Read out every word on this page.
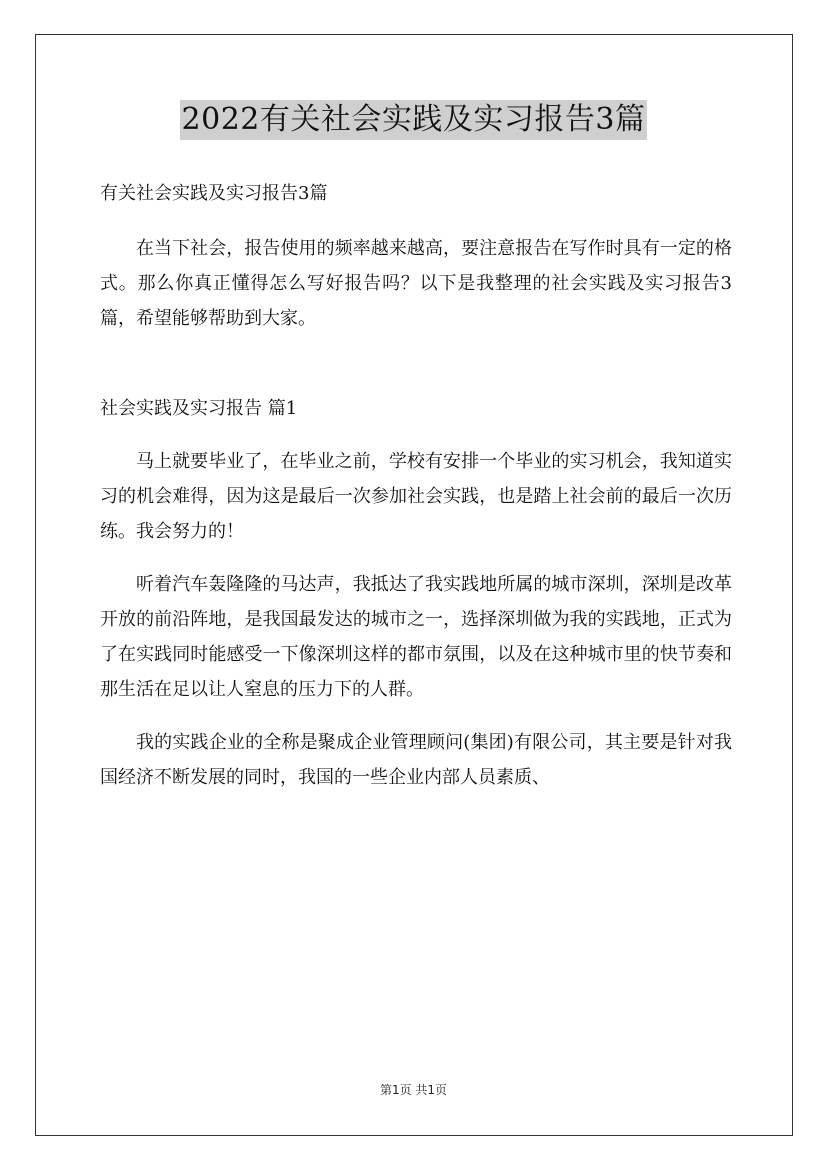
2022有关社会实践及实习报告3篇

有关社会实践及实习报告3篇

在当下社会，报告使用的频率越来越高，要注意报告在写作时具有一定的格式。那么你真正懂得怎么写好报告吗？以下是我整理的社会实践及实习报告3篇，希望能够帮助到大家。

社会实践及实习报告 篇1

马上就要毕业了，在毕业之前，学校有安排一个毕业的实习机会，我知道实习的机会难得，因为这是最后一次参加社会实践，也是踏上社会前的最后一次历练。我会努力的！

听着汽车轰隆隆的马达声，我抵达了我实践地所属的城市深圳，深圳是改革开放的前沿阵地，是我国最发达的城市之一，选择深圳做为我的实践地，正式为了在实践同时能感受一下像深圳这样的都市氛围，以及在这种城市里的快节奏和那生活在足以让人窒息的压力下的人群。

我的实践企业的全称是聚成企业管理顾问(集团)有限公司，其主要是针对我国经济不断发展的同时，我国的一些企业内部人员素质、

第1页 共1页
